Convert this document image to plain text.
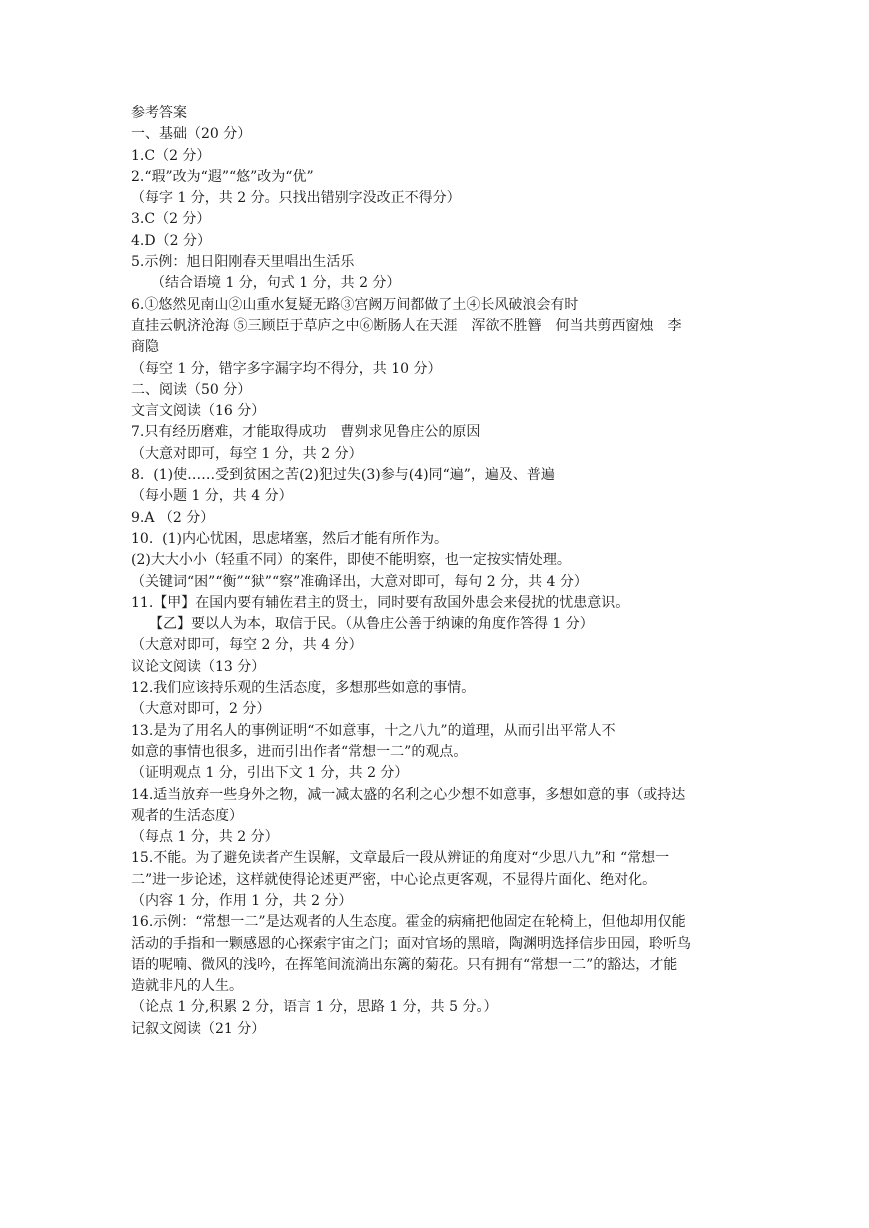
参考答案
一、基础（20 分）
1.C（2 分）
2.“瑕”改为“遐”“悠”改为“优”
（每字 1 分，共 2 分。只找出错别字没改正不得分）
3.C（2 分）
4.D（2 分）
5.示例：旭日阳刚春天里唱出生活乐
（结合语境 1 分，句式 1 分，共 2 分）
6.①悠然见南山②山重水复疑无路③宫阙万间都做了土④长风破浪会有时
直挂云帆济沧海 ⑤三顾臣于草庐之中⑥断肠人在天涯　浑欲不胜簪　何当共剪西窗烛　李
商隐
（每空 1 分，错字多字漏字均不得分，共 10 分）
二、阅读（50 分）
文言文阅读（16 分）
7.只有经历磨难，才能取得成功　曹刿求见鲁庄公的原因
（大意对即可，每空 1 分，共 2 分）
8.  (1)使……受到贫困之苦(2)犯过失(3)参与(4)同“遍”，遍及、普遍
（每小题 1 分，共 4 分）
9.A （2 分）
10.  (1)内心忧困，思虑堵塞，然后才能有所作为。
(2)大大小小（轻重不同）的案件，即使不能明察，也一定按实情处理。
（关键词“困”“衡”“狱”“察”准确译出，大意对即可，每句 2 分，共 4 分）
11.【甲】在国内要有辅佐君主的贤士，同时要有敌国外患会来侵扰的忧患意识。
【乙】要以人为本，取信于民。（从鲁庄公善于纳谏的角度作答得 1 分）
（大意对即可，每空 2 分，共 4 分）
议论文阅读（13 分）
12.我们应该持乐观的生活态度，多想那些如意的事情。
（大意对即可，2 分）
13.是为了用名人的事例证明“不如意事，十之八九”的道理，从而引出平常人不
如意的事情也很多，进而引出作者“常想一二”的观点。
（证明观点 1 分，引出下文 1 分，共 2 分）
14.适当放弃一些身外之物，减一减太盛的名利之心少想不如意事，多想如意的事（或持达
观者的生活态度）
（每点 1 分，共 2 分）
15.不能。为了避免读者产生误解，文章最后一段从辨证的角度对“少思八九”和 “常想一
二”进一步论述，这样就使得论述更严密，中心论点更客观，不显得片面化、绝对化。
（内容 1 分，作用 1 分，共 2 分）
16.示例：“常想一二”是达观者的人生态度。霍金的病痛把他固定在轮椅上，但他却用仅能
活动的手指和一颗感恩的心探索宇宙之门；面对官场的黑暗，陶渊明选择信步田园，聆听鸟
语的呢喃、微风的浅吟，在挥笔间流淌出东篱的菊花。只有拥有“常想一二”的豁达，才能
造就非凡的人生。
（论点 1 分,积累 2 分，语言 1 分，思路 1 分，共 5 分。）
记叙文阅读（21 分）
